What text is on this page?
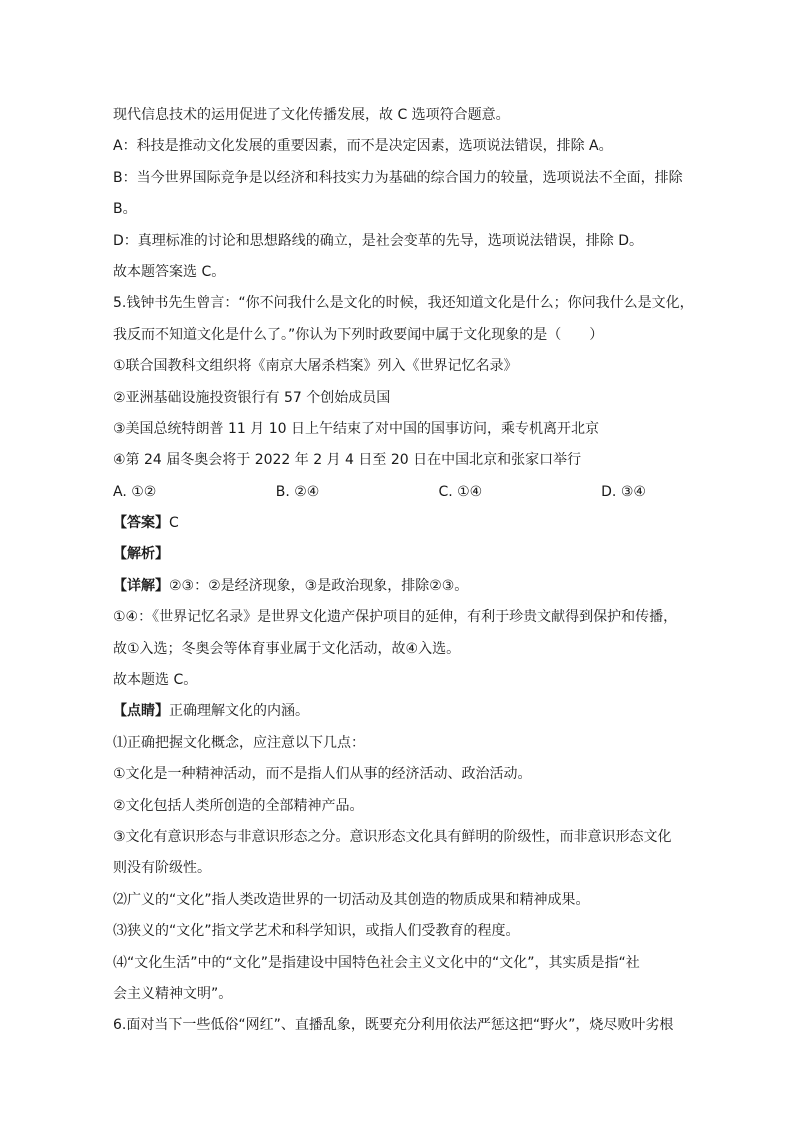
现代信息技术的运用促进了文化传播发展，故 C 选项符合题意。
A：科技是推动文化发展的重要因素，而不是决定因素，选项说法错误，排除 A。
B：当今世界国际竞争是以经济和科技实力为基础的综合国力的较量，选项说法不全面，排除
B。
D：真理标准的讨论和思想路线的确立，是社会变革的先导，选项说法错误，排除 D。
故本题答案选 C。
5.钱钟书先生曾言：“你不问我什么是文化的时候，我还知道文化是什么；你问我什么是文化，
我反而不知道文化是什么了。”你认为下列时政要闻中属于文化现象的是（　　）
①联合国教科文组织将《南京大屠杀档案》列入《世界记忆名录》
②亚洲基础设施投资银行有 57 个创始成员国
③美国总统特朗普 11 月 10 日上午结束了对中国的国事访问，乘专机离开北京
④第 24 届冬奥会将于 2022 年 2 月 4 日至 20 日在中国北京和张家口举行
A. ①②	B. ②④	C. ①④	D. ③④
【答案】C
【解析】
【详解】②③：②是经济现象，③是政治现象，排除②③。
①④：《世界记忆名录》是世界文化遗产保护项目的延伸，有利于珍贵文献得到保护和传播，
故①入选；冬奥会等体育事业属于文化活动，故④入选。
故本题选 C。
【点睛】正确理解文化的内涵。
⑴正确把握文化概念，应注意以下几点：
①文化是一种精神活动，而不是指人们从事的经济活动、政治活动。
②文化包括人类所创造的全部精神产品。
③文化有意识形态与非意识形态之分。意识形态文化具有鲜明的阶级性，而非意识形态文化
则没有阶级性。
⑵广义的“文化”指人类改造世界的一切活动及其创造的物质成果和精神成果。
⑶狭义的“文化”指文学艺术和科学知识，或指人们受教育的程度。
⑷“文化生活”中的“文化”是指建设中国特色社会主义文化中的“文化”，其实质是指“社
会主义精神文明”。
6.面对当下一些低俗“网红”、直播乱象，既要充分利用依法严惩这把“野火”，烧尽败叶劣根
